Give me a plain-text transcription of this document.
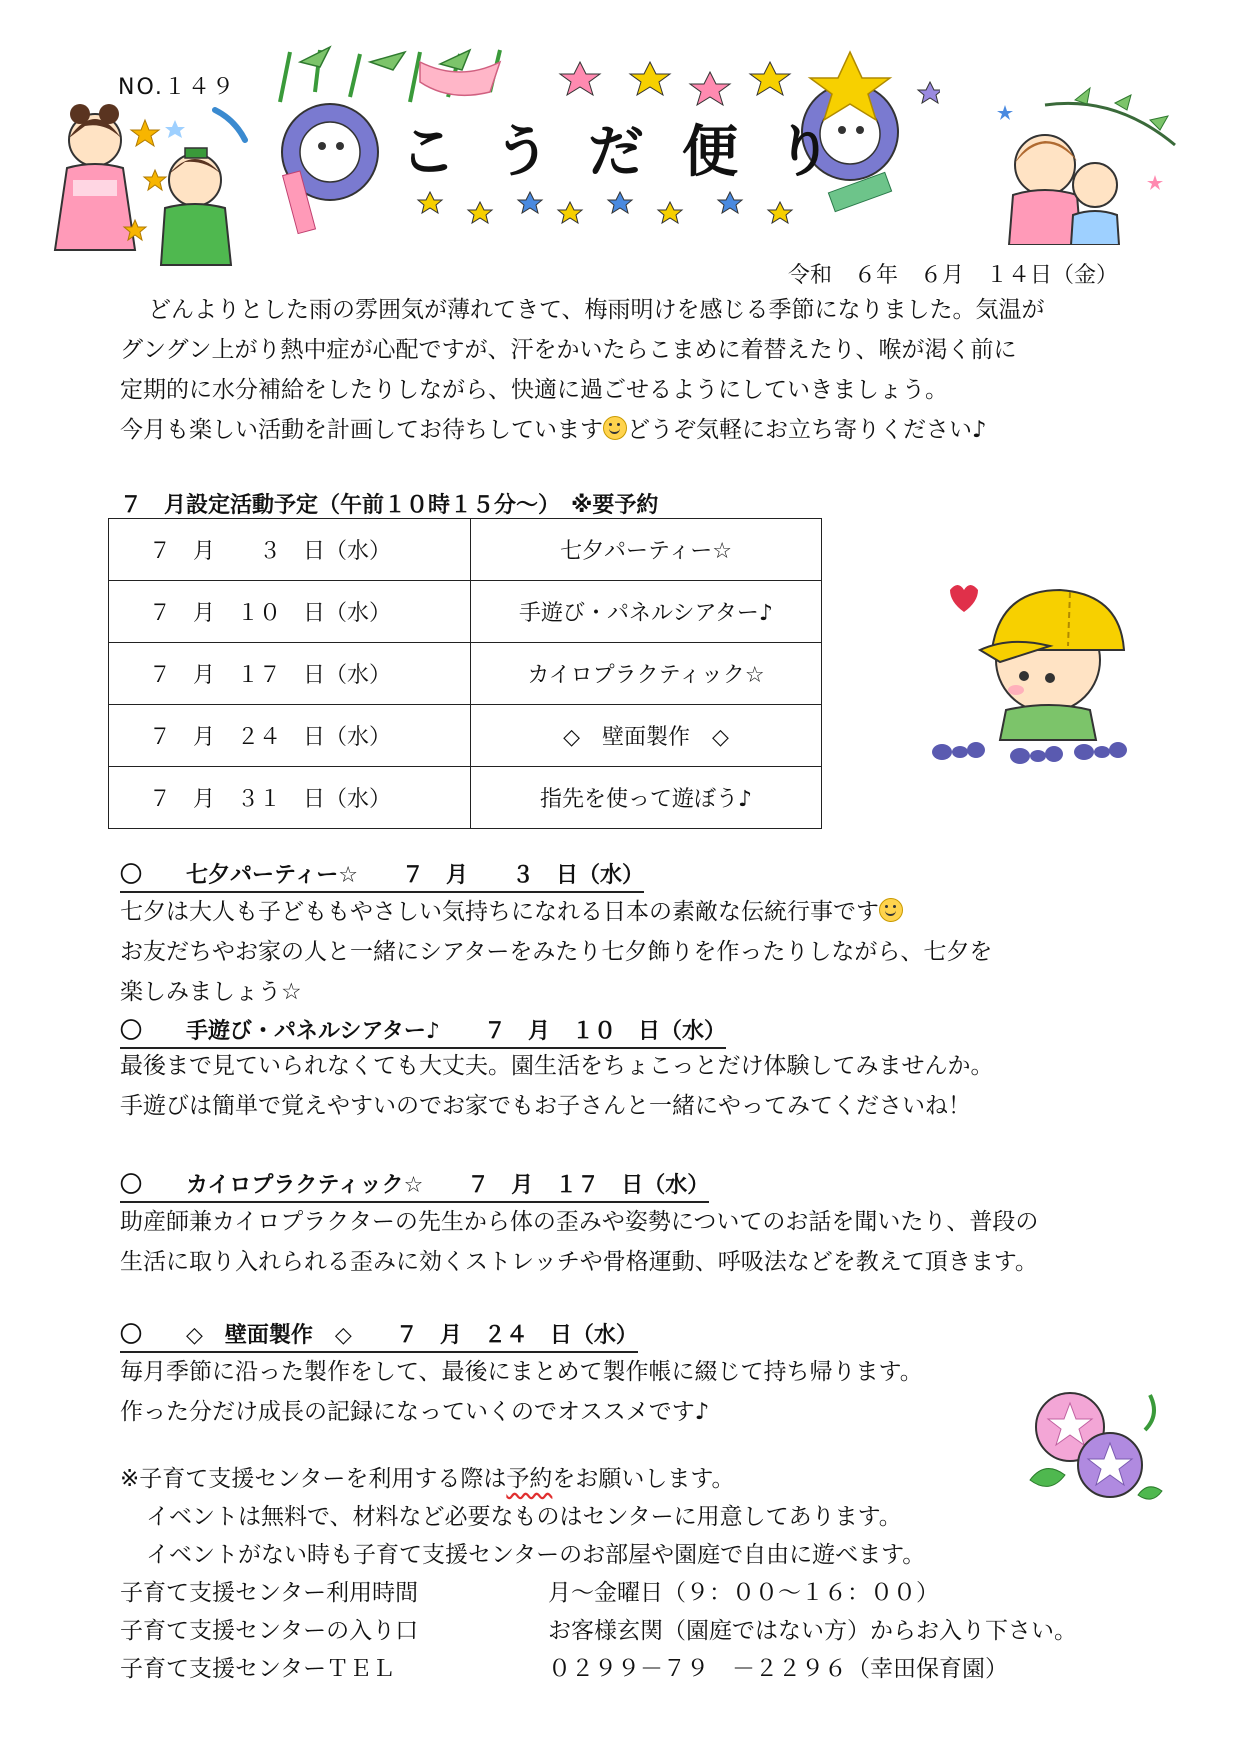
NO.１４９
こうだ便り
令和　６年　６月　１４日（金）
どんよりとした雨の雰囲気が薄れてきて、梅雨明けを感じる季節になりました。気温が
グングン上がり熱中症が心配ですが、汗をかいたらこまめに着替えたり、喉が渇く前に
定期的に水分補給をしたりしながら、快適に過ごせるようにしていきましょう。
今月も楽しい活動を計画してお待ちしています どうぞ気軽にお立ち寄りください♪
７　月設定活動予定（午前１０時１５分～）　※要予約
７　月　　３　日（水）	七夕パーティー☆
７　月　１０　日（水）	手遊び・パネルシアター♪
７　月　１７　日（水）	カイロプラクティック☆
７　月　２４　日（水）	◇　壁面製作　◇
７　月　３１　日（水）	指先を使って遊ぼう♪
〇　　七夕パーティー☆　　７　月　　３　日（水）
七夕は大人も子どももやさしい気持ちになれる日本の素敵な伝統行事です
お友だちやお家の人と一緒にシアターをみたり七夕飾りを作ったりしながら、七夕を
楽しみましょう☆
〇　　手遊び・パネルシアター♪　　７　月　１０　日（水）
最後まで見ていられなくても大丈夫。園生活をちょこっとだけ体験してみませんか。
手遊びは簡単で覚えやすいのでお家でもお子さんと一緒にやってみてくださいね！
〇　　カイロプラクティック☆　　７　月　１７　日（水）
助産師兼カイロプラクターの先生から体の歪みや姿勢についてのお話を聞いたり、普段の
生活に取り入れられる歪みに効くストレッチや骨格運動、呼吸法などを教えて頂きます。
〇　　◇　壁面製作　◇　　７　月　２４　日（水）
毎月季節に沿った製作をして、最後にまとめて製作帳に綴じて持ち帰ります。
作った分だけ成長の記録になっていくのでオススメです♪
※子育て支援センターを利用する際は予約をお願いします。
イベントは無料で、材料など必要なものはセンターに用意してあります。
イベントがない時も子育て支援センターのお部屋や園庭で自由に遊べます。
子育て支援センター利用時間	月～金曜日（９：００～１６：００）
子育て支援センターの入り口	お客様玄関（園庭ではない方）からお入り下さい。
子育て支援センターＴＥＬ	０２９９－７９　－２２９６（幸田保育園）
